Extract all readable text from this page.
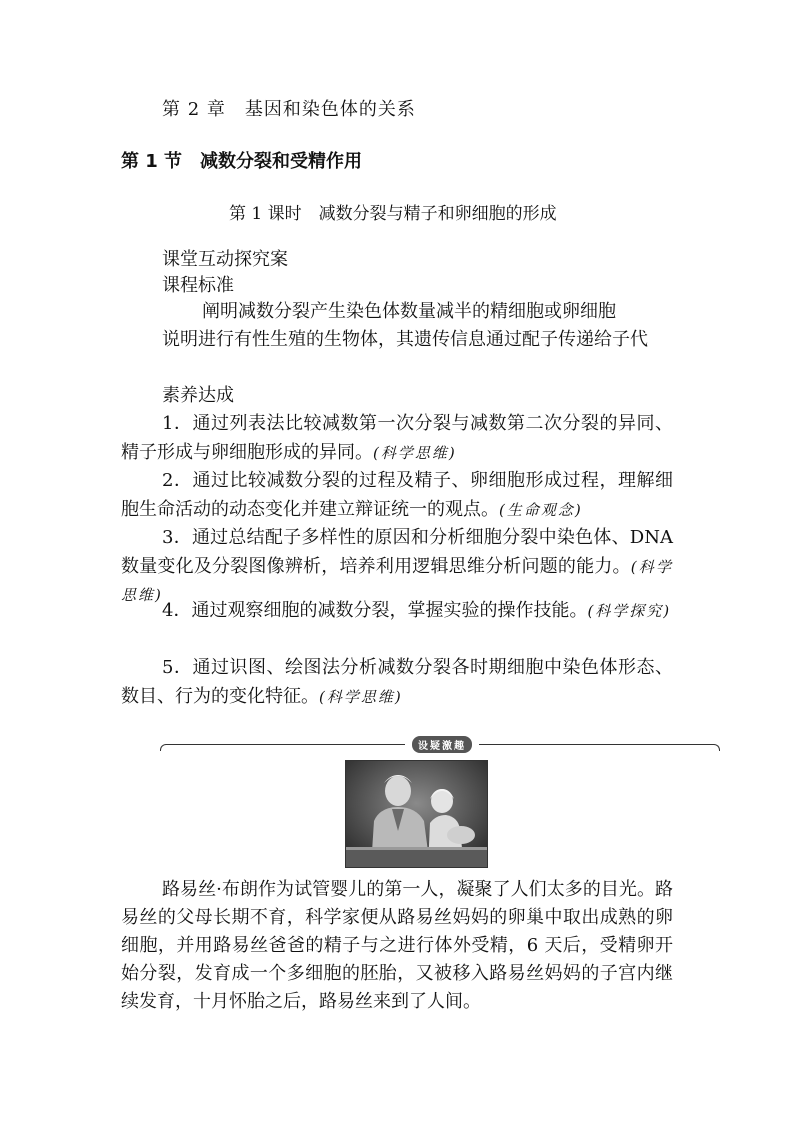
第 2 章　基因和染色体的关系
第 1 节　减数分裂和受精作用
第 1 课时　减数分裂与精子和卵细胞的形成
课堂互动探究案
课程标准
阐明减数分裂产生染色体数量减半的精细胞或卵细胞
说明进行有性生殖的生物体，其遗传信息通过配子传递给子代
素养达成
1．通过列表法比较减数第一次分裂与减数第二次分裂的异同、精子形成与卵细胞形成的异同。(科学思维)
2．通过比较减数分裂的过程及精子、卵细胞形成过程，理解细胞生命活动的动态变化并建立辩证统一的观点。(生命观念)
3．通过总结配子多样性的原因和分析细胞分裂中染色体、DNA 数量变化及分裂图像辨析，培养利用逻辑思维分析问题的能力。(科学思维)
4．通过观察细胞的减数分裂，掌握实验的操作技能。(科学探究)
5．通过识图、绘图法分析减数分裂各时期细胞中染色体形态、数目、行为的变化特征。(科学思维)
设疑激趣
路易丝·布朗作为试管婴儿的第一人，凝聚了人们太多的目光。路易丝的父母长期不育，科学家便从路易丝妈妈的卵巢中取出成熟的卵细胞，并用路易丝爸爸的精子与之进行体外受精，6 天后，受精卵开始分裂，发育成一个多细胞的胚胎，又被移入路易丝妈妈的子宫内继续发育，十月怀胎之后，路易丝来到了人间。
